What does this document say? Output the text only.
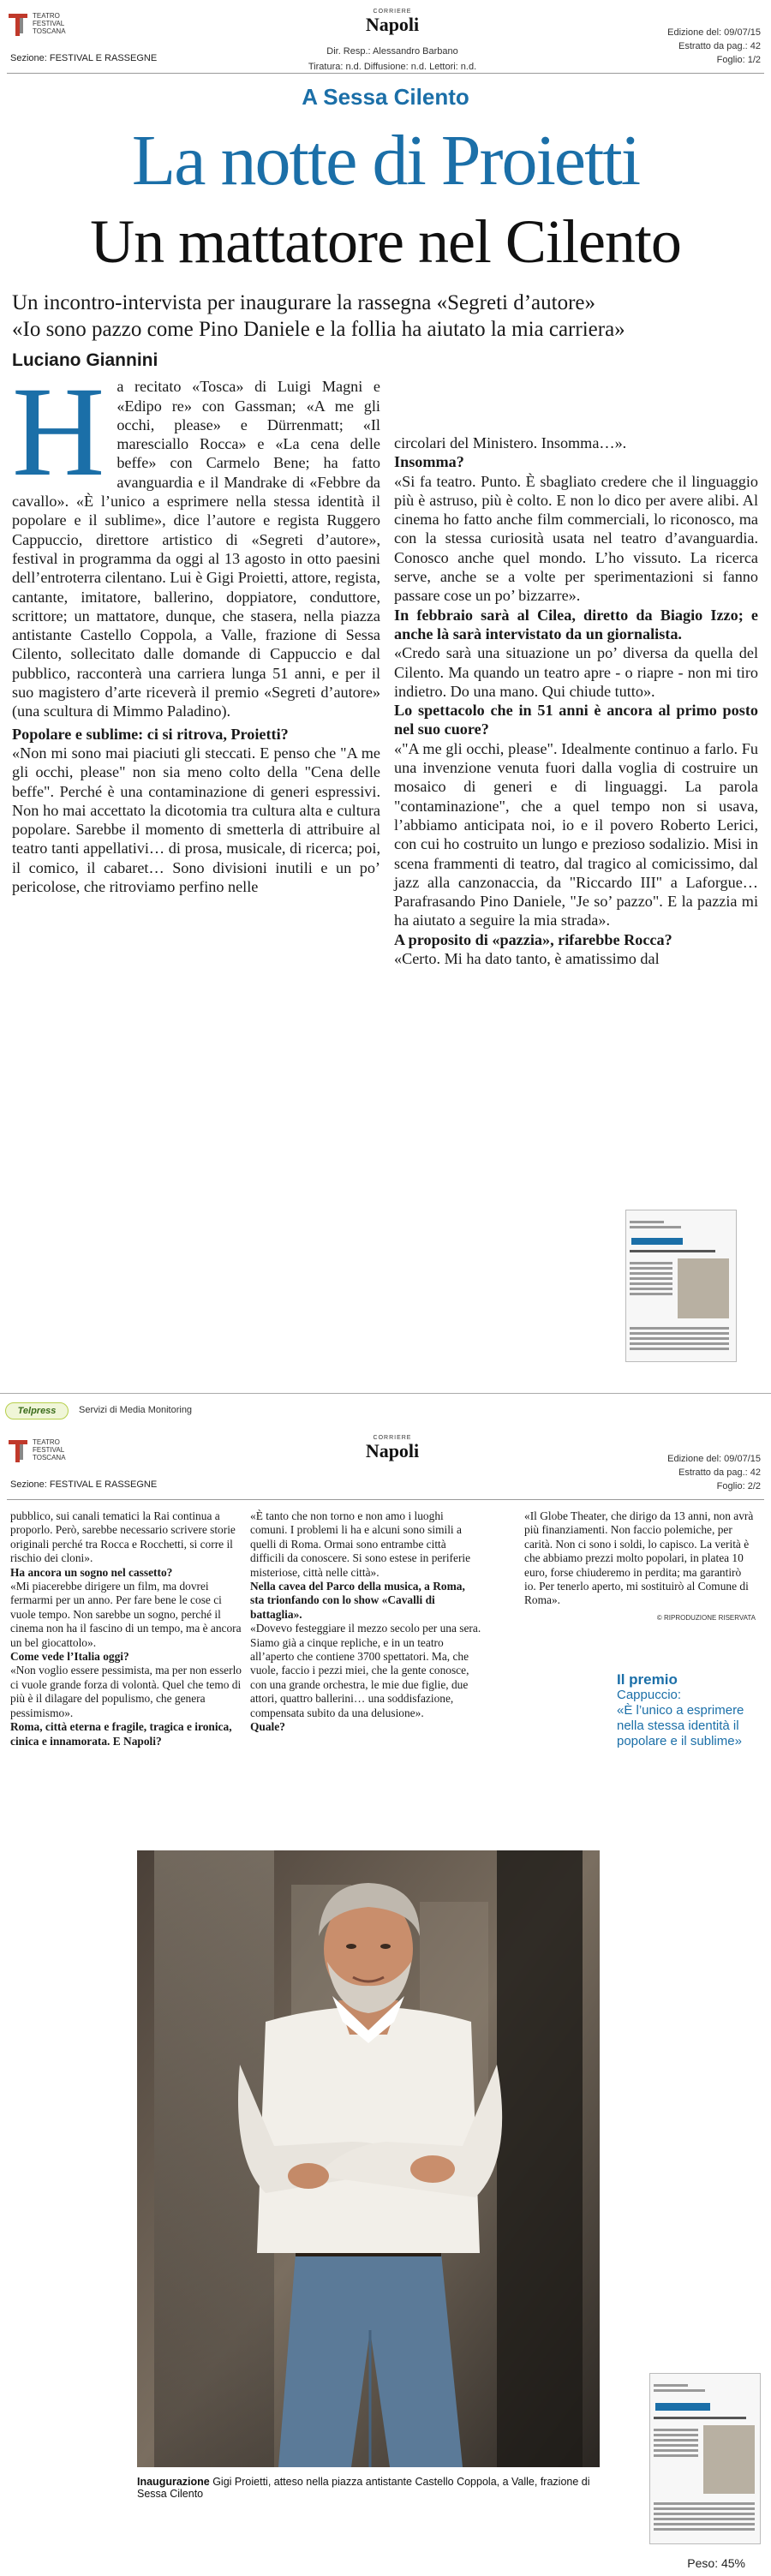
TEATRO FESTIVAL TOSCANA
Sezione: FESTIVAL E RASSEGNE
CORRIERE
Napoli
Dir. Resp.: Alessandro Barbano
Tiratura: n.d. Diffusione: n.d. Lettori: n.d.
Edizione del: 09/07/15
Estratto da pag.: 42
Foglio: 1/2
A Sessa Cilento
La notte di Proietti
Un mattatore nel Cilento
Un incontro-intervista per inaugurare la rassegna «Segreti d’autore»
«Io sono pazzo come Pino Daniele e la follia ha aiutato la mia carriera»
Luciano Giannini

Ha recitato «Tosca» di Luigi Magni e «Edipo re» con Gassman; «A me gli occhi, please» e Dürrenmatt; «Il maresciallo Rocca» e «La cena delle beffe» con Carmelo Bene; ha fatto avanguardia e il Mandrake di «Febbre da cavallo». «È l’unico a esprimere nella stessa identità il popolare e il sublime», dice l’autore e regista Ruggero Cappuccio, direttore artistico di «Segreti d’autore», festival in programma da oggi al 13 agosto in otto paesini dell’entroterra cilentano. Lui è Gigi Proietti, attore, regista, cantante, imitatore, ballerino, doppiatore, conduttore, scrittore; un mattatore, dunque, che stasera, nella piazza antistante Castello Coppola, a Valle, frazione di Sessa Cilento, sollecitato dalle domande di Cappuccio e dal pubblico, racconterà una carriera lunga 51 anni, e per il suo magistero d’arte riceverà il premio «Segreti d’autore» (una scultura di Mimmo Paladino).

Popolare e sublime: ci si ritrova, Proietti?

«Non mi sono mai piaciuti gli steccati. E penso che "A me gli occhi, please" non sia meno colto della "Cena delle beffe". Perché è una contaminazione di generi espressivi. Non ho mai accettato la dicotomia tra cultura alta e cultura popolare. Sarebbe il momento di smetterla di attribuire al teatro tanti appellativi… di prosa, musicale, di ricerca; poi, il comico, il cabaret… Sono divisioni inutili e un po’ pericolose, che ritroviamo perfino nelle

circolari del Ministero. Insomma…».

Insomma?

«Si fa teatro. Punto. È sbagliato credere che il linguaggio più è astruso, più è colto. E non lo dico per avere alibi. Al cinema ho fatto anche film commerciali, lo riconosco, ma con la stessa curiosità usata nel teatro d’avanguardia. Conosco anche quel mondo. L’ho vissuto. La ricerca serve, anche se a volte per sperimentazioni si fanno passare cose un po’ bizzarre».

In febbraio sarà al Cilea, diretto da Biagio Izzo; e anche là sarà intervistato da un giornalista.

«Credo sarà una situazione un po’ diversa da quella del Cilento. Ma quando un teatro apre - o riapre - non mi tiro indietro. Do una mano. Qui chiude tutto».

Lo spettacolo che in 51 anni è ancora al primo posto nel suo cuore?

«"A me gli occhi, please". Idealmente continuo a farlo. Fu una invenzione venuta fuori dalla voglia di costruire un mosaico di generi e di linguaggi. La parola "contaminazione", che a quel tempo non si usava, l’abbiamo anticipata noi, io e il povero Roberto Lerici, con cui ho costruito un lungo e prezioso sodalizio. Misi in scena frammenti di teatro, dal tragico al comicissimo, dal jazz alla canzonaccia, da "Riccardo III" a Laforgue… Parafrasando Pino Daniele, "Je so’ pazzo". E la pazzia mi ha aiutato a seguire la mia strada».

A proposito di «pazzia», rifarebbe Rocca?

«Certo. Mi ha dato tanto, è amatissimo dal

Telpress	Servizi di Media Monitoring
TEATRO FESTIVAL TOSCANA
Sezione: FESTIVAL E RASSEGNE
CORRIERE
Napoli	Edizione del: 09/07/15
Estratto da pag.: 42
Foglio: 2/2

pubblico, sui canali tematici la Rai continua a proporlo. Però, sarebbe necessario scrivere storie originali perché tra Rocca e Rocchetti, si corre il rischio dei cloni».

Ha ancora un sogno nel cassetto?

«Mi piacerebbe dirigere un film, ma dovrei fermarmi per un anno. Per fare bene le cose ci vuole tempo. Non sarebbe un sogno, perché il cinema non ha il fascino di un tempo, ma è ancora un bel giocattolo».

Come vede l’Italia oggi?

«Non voglio essere pessimista, ma per non esserlo ci vuole grande forza di volontà. Quel che temo di più è il dilagare del populismo, che genera pessimismo».

Roma, città eterna e fragile, tragica e ironica, cinica e innamorata. E Napoli?

«È tanto che non torno e non amo i luoghi comuni. I problemi li ha e alcuni sono simili a quelli di Roma. Ormai sono entrambe città difficili da conoscere. Si sono estese in periferie misteriose, città nelle città».

Nella cavea del Parco della musica, a Roma, sta trionfando con lo show «Cavalli di battaglia».

«Dovevo festeggiare il mezzo secolo per una sera. Siamo già a cinque repliche, e in un teatro all’aperto che contiene 3700 spettatori. Ma, che vuole, faccio i pezzi miei, che la gente conosce, con una grande orchestra, le mie due figlie, due attori, quattro ballerini… una soddisfazione, compensata subito da una delusione».

Quale?

«Il Globe Theater, che dirigo da 13 anni, non avrà più finanziamenti. Non faccio polemiche, per carità. Non ci sono i soldi, lo capisco. La verità è che abbiamo prezzi molto popolari, in platea 10 euro, forse chiuderemo in perdita; ma garantirò io. Per tenerlo aperto, mi sostituirò al Comune di Roma».

© RIPRODUZIONE RISERVATA
Il premio
Cappuccio:
«È l’unico a esprimere nella stessa identità il popolare e il sublime»
Inaugurazione Gigi Proietti, atteso nella piazza antistante Castello Coppola, a Valle, frazione di Sessa Cilento
Peso: 45%
